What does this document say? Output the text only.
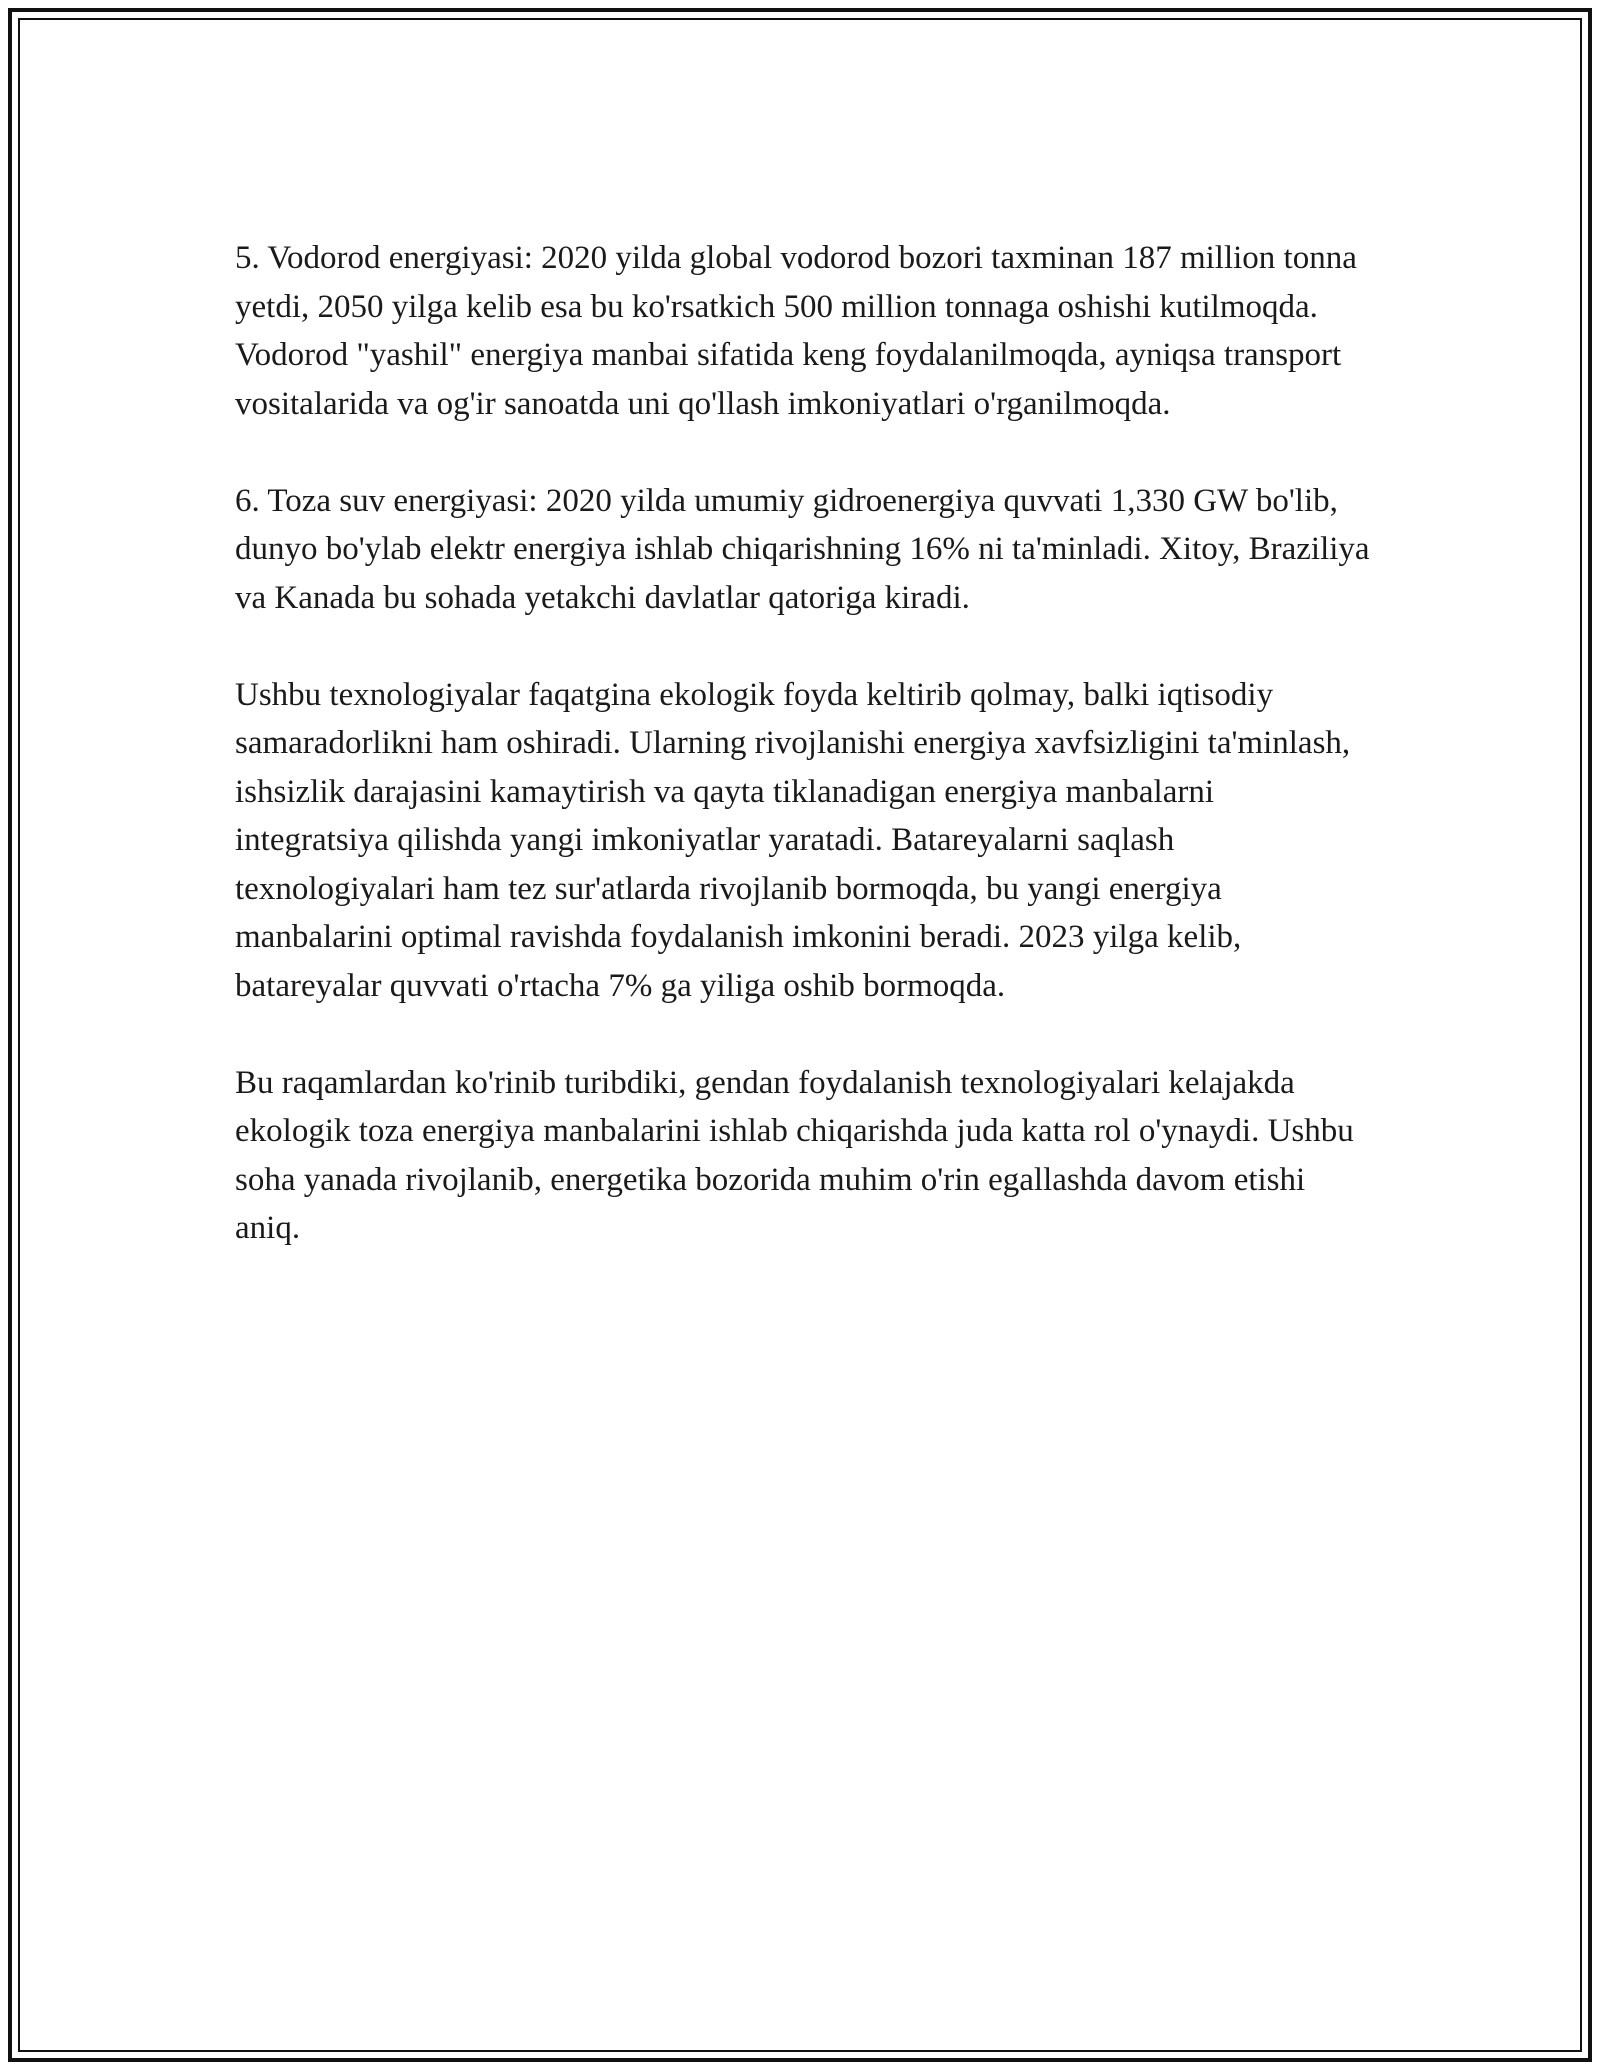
5. Vodorod energiyasi: 2020 yilda global vodorod bozori taxminan 187 million tonna yetdi, 2050 yilga kelib esa bu ko'rsatkich 500 million tonnaga oshishi kutilmoqda. Vodorod "yashil" energiya manbai sifatida keng foydalanilmoqda, ayniqsa transport vositalarida va og'ir sanoatda uni qo'llash imkoniyatlari o'rganilmoqda.

6. Toza suv energiyasi: 2020 yilda umumiy gidroenergiya quvvati 1,330 GW bo'lib, dunyo bo'ylab elektr energiya ishlab chiqarishning 16% ni ta'minladi. Xitoy, Braziliya va Kanada bu sohada yetakchi davlatlar qatoriga kiradi.

Ushbu texnologiyalar faqatgina ekologik foyda keltirib qolmay, balki iqtisodiy samaradorlikni ham oshiradi. Ularning rivojlanishi energiya xavfsizligini ta'minlash, ishsizlik darajasini kamaytirish va qayta tiklanadigan energiya manbalarni integratsiya qilishda yangi imkoniyatlar yaratadi. Batareyalarni saqlash texnologiyalari ham tez sur'atlarda rivojlanib bormoqda, bu yangi energiya manbalarini optimal ravishda foydalanish imkonini beradi. 2023 yilga kelib, batareyalar quvvati o'rtacha 7% ga yiliga oshib bormoqda.

Bu raqamlardan ko'rinib turibdiki, gendan foydalanish texnologiyalari kelajakda ekologik toza energiya manbalarini ishlab chiqarishda juda katta rol o'ynaydi. Ushbu soha yanada rivojlanib, energetika bozorida muhim o'rin egallashda davom etishi aniq.
